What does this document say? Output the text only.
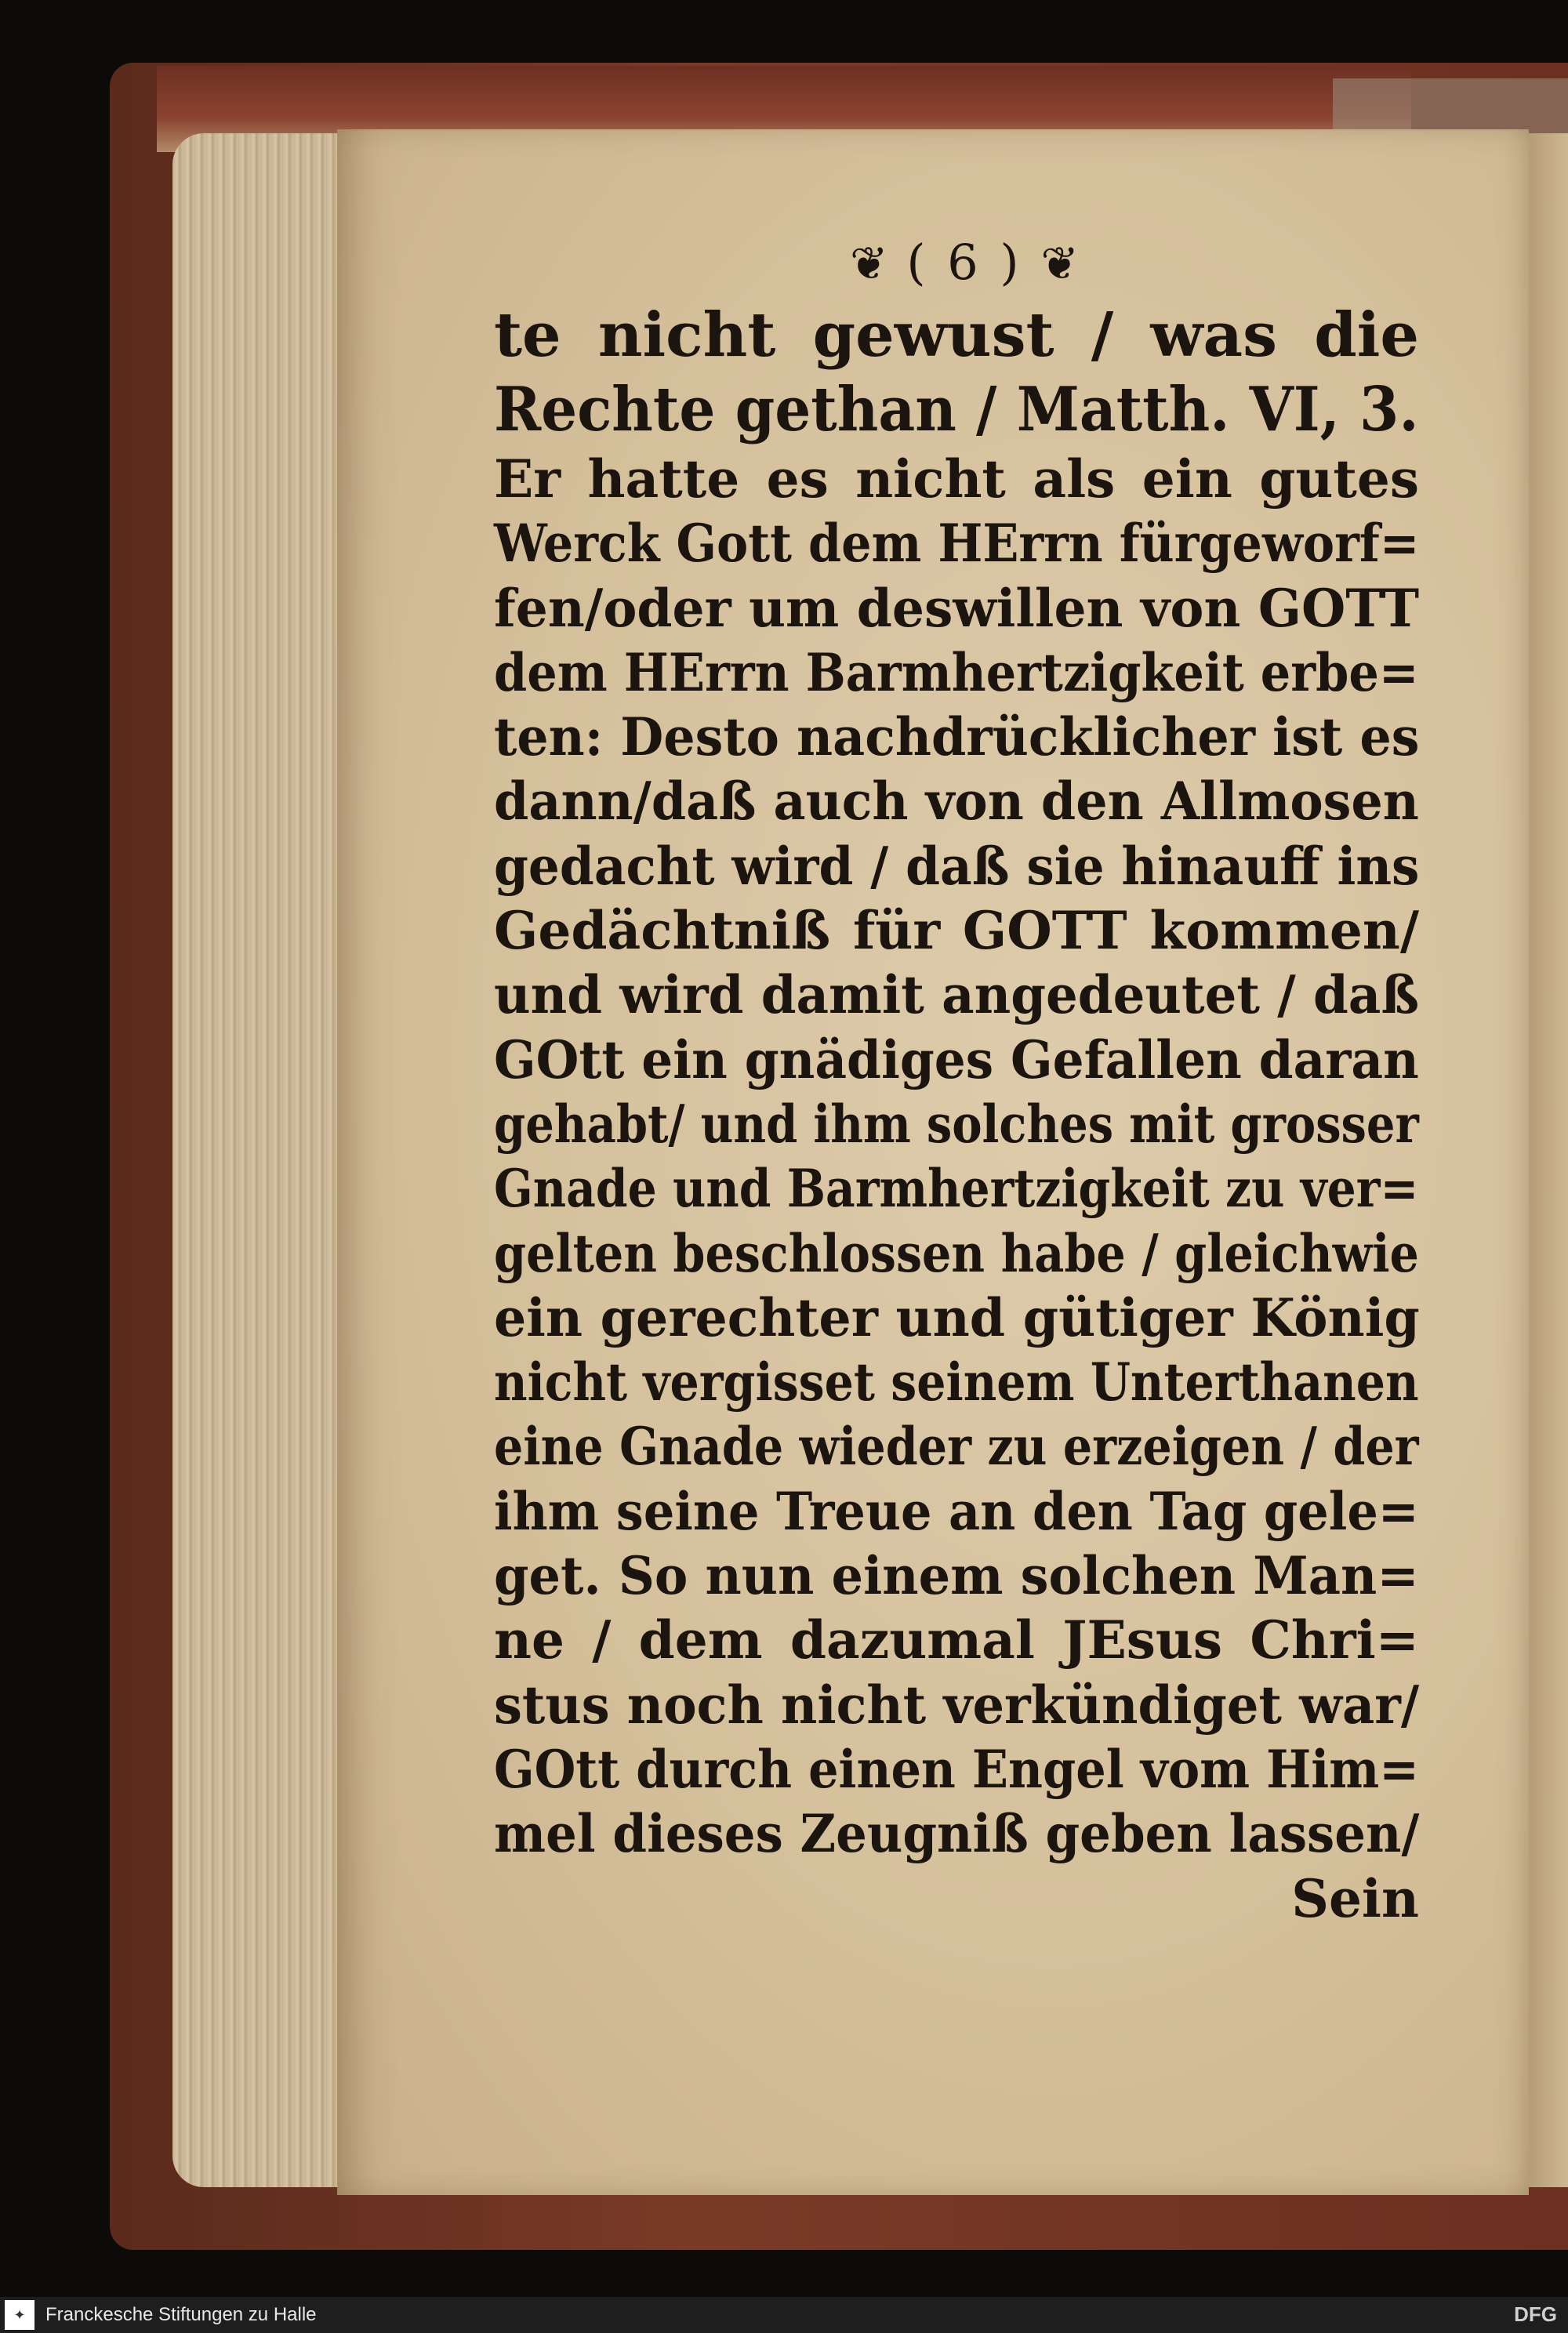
❦ ( 6 ) ❦
te nicht gewust / was die
Rechte gethan / Matth. VI, 3.
Er hatte es nicht als ein gutes
Werck Gott dem HErrn fürgeworf=
fen/oder um deswillen von GOTT
dem HErrn Barmhertzigkeit erbe=
ten: Desto nachdrücklicher ist es
dann/daß auch von den Allmosen
gedacht wird / daß sie hinauff ins
Gedächtniß für GOTT kommen/
und wird damit angedeutet / daß
GOtt ein gnädiges Gefallen daran
gehabt/ und ihm solches mit grosser
Gnade und Barmhertzigkeit zu ver=
gelten beschlossen habe / gleichwie
ein gerechter und gütiger König
nicht vergisset seinem Unterthanen
eine Gnade wieder zu erzeigen / der
ihm seine Treue an den Tag gele=
get. So nun einem solchen Man=
ne / dem dazumal JEsus Chri=
stus noch nicht verkündiget war/
GOtt durch einen Engel vom Him=
mel dieses Zeugniß geben lassen/
Sein
✦	Franckesche Stiftungen zu Halle	DFG
